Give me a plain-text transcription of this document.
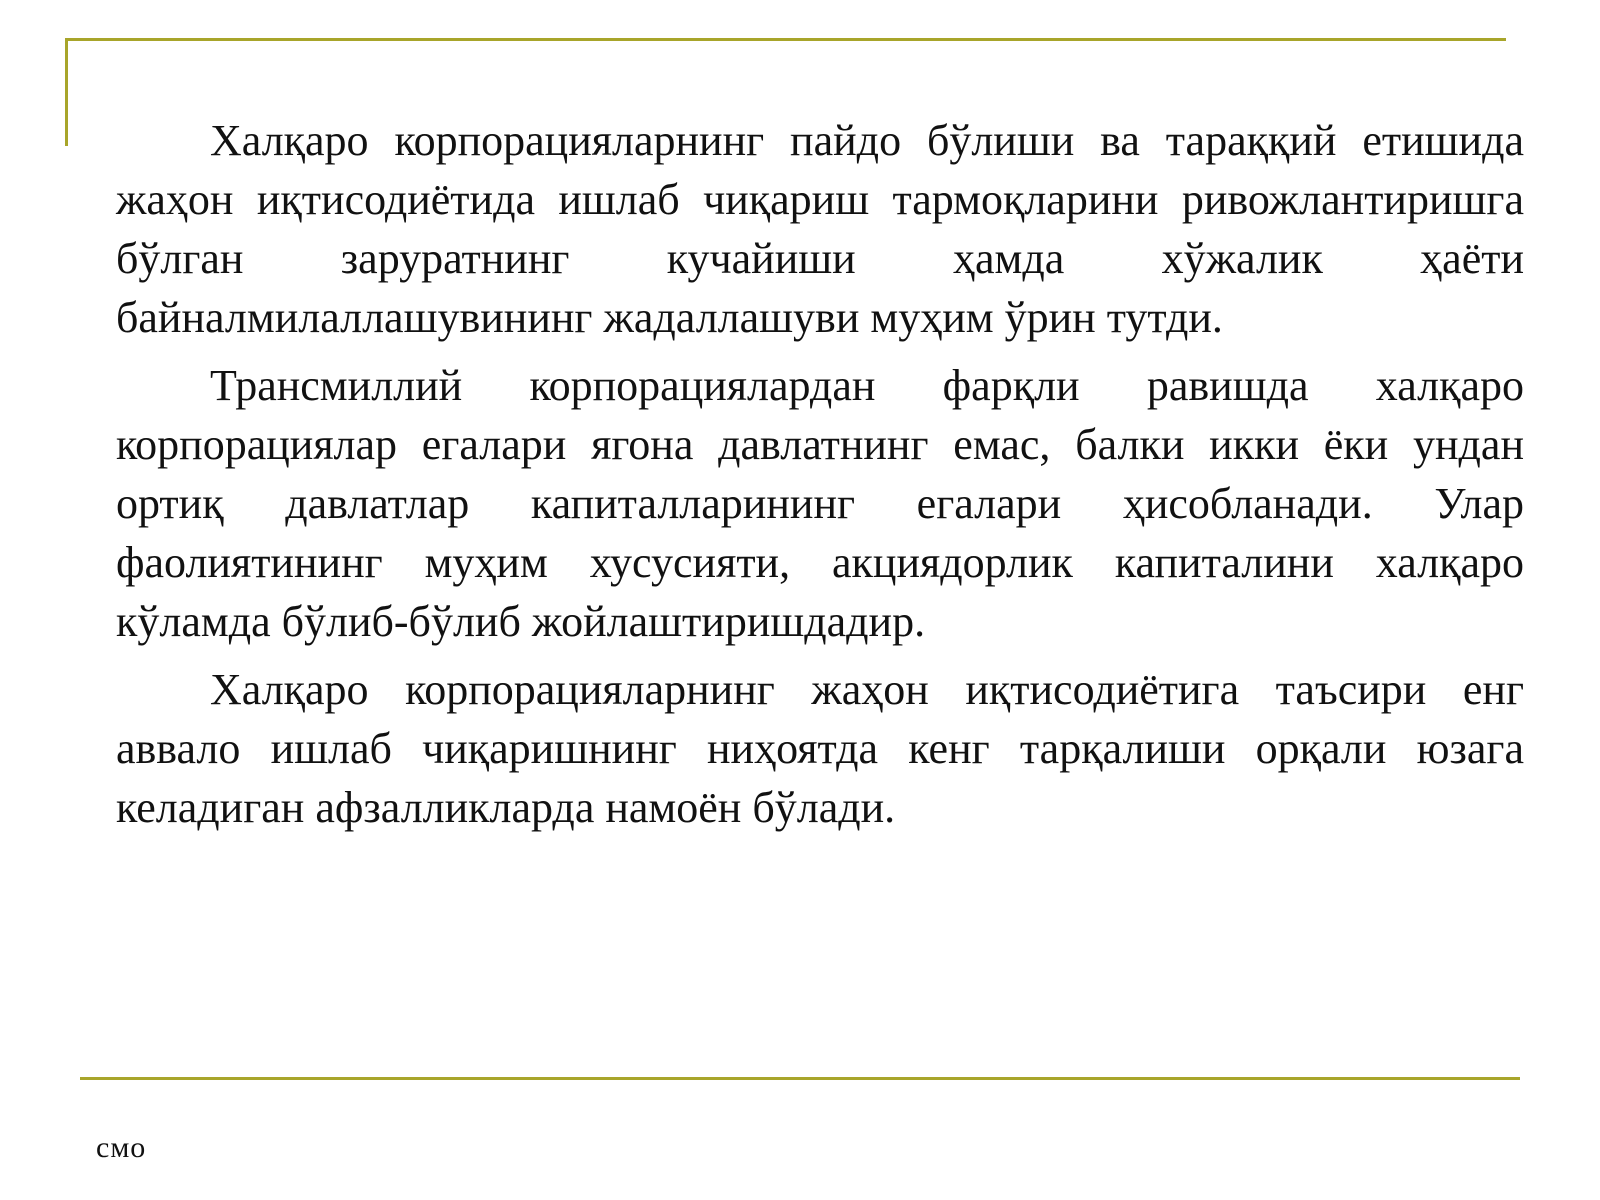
Халқаро корпорацияларнинг пайдо бўлиши ва тараққий етишида жаҳон иқтисодиётида ишлаб чиқариш тармоқларини ривожлантиришга бўлган заруратнинг кучайиши ҳамда хўжалик ҳаёти байналмилаллашувининг жадаллашуви муҳим ўрин тутди.

Трансмиллий корпорациялардан фарқли равишда халқаро корпорациялар егалари ягона давлатнинг емас, балки икки ёки ундан ортиқ давлатлар капиталларининг егалари ҳисобланади. Улар фаолиятининг муҳим хусусияти, акциядорлик капиталини халқаро кўламда бўлиб-бўлиб жойлаштиришдадир.

Халқаро корпорацияларнинг жаҳон иқтисодиётига таъсири енг аввало ишлаб чиқаришнинг ниҳоятда кенг тарқалиши орқали юзага келадиган афзалликларда намоён бўлади.

смо
